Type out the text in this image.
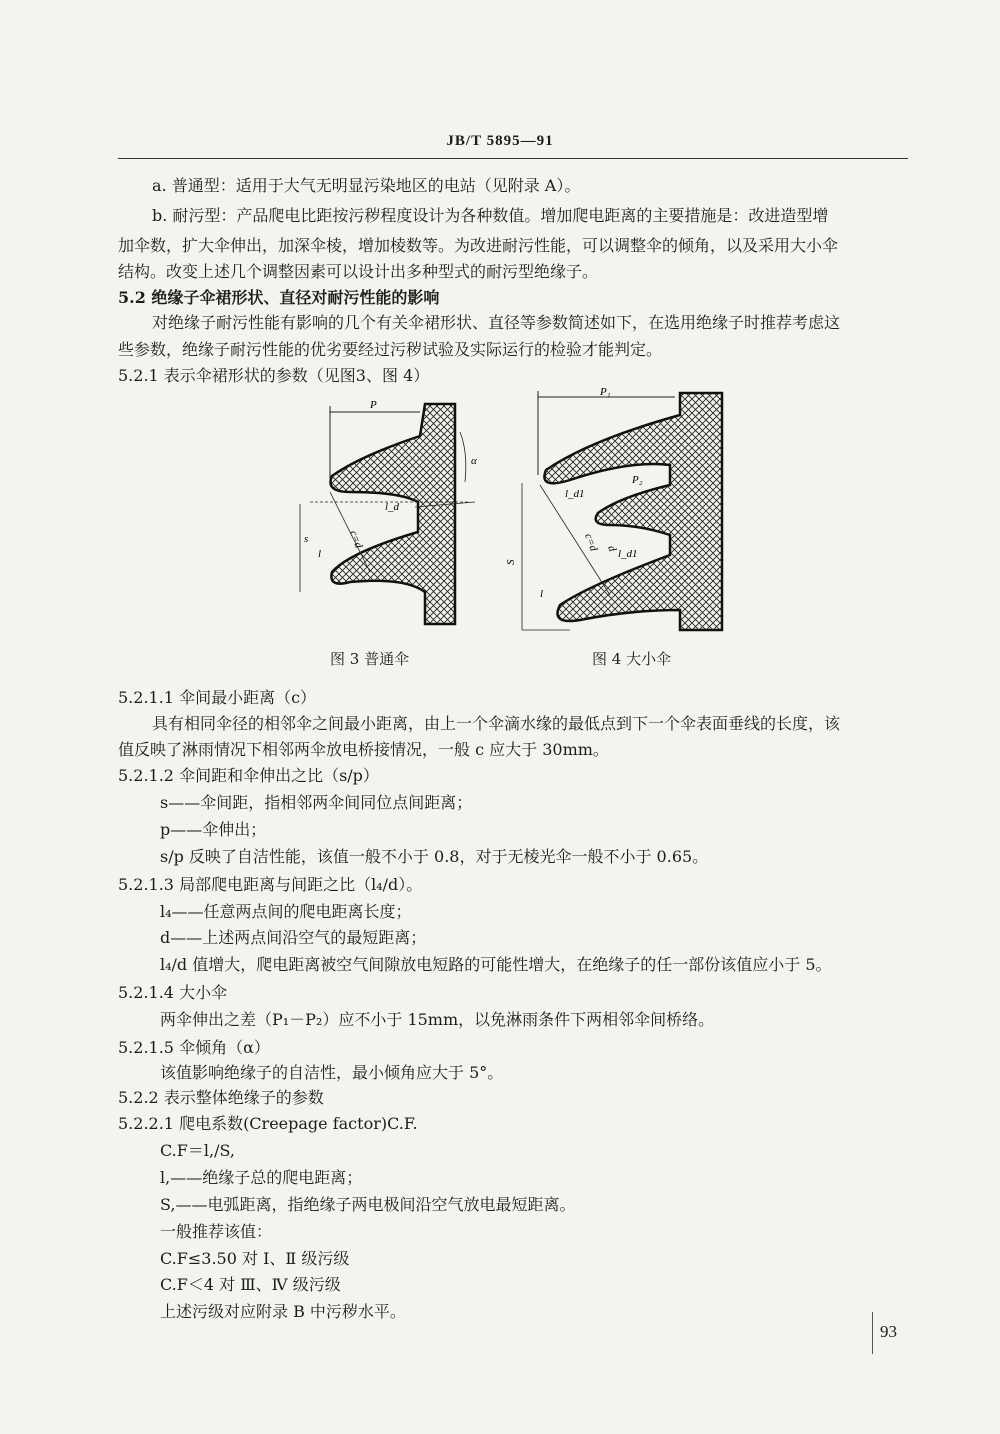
JB/T 5895—91
a. 普通型：适用于大气无明显污染地区的电站（见附录 A）。
b. 耐污型：产品爬电比距按污秽程度设计为各种数值。增加爬电距离的主要措施是：改进造型增
加伞数，扩大伞伸出，加深伞棱，增加棱数等。为改进耐污性能，可以调整伞的倾角，以及采用大小伞
结构。改变上述几个调整因素可以设计出多种型式的耐污型绝缘子。
5.2 绝缘子伞裙形状、直径对耐污性能的影响
对绝缘子耐污性能有影响的几个有关伞裙形状、直径等参数简述如下，在选用绝缘子时推荐考虑这
些参数，绝缘子耐污性能的优劣要经过污秽试验及实际运行的检验才能判定。
5.2.1 表示伞裙形状的参数（见图3、图 4）
P
α
c=d
l_d
s
l
图 3 普通伞
P₁
P₂
l_d1
c=d
l_d1
d
S
l
图 4 大小伞
5.2.1.1 伞间最小距离（c）
具有相同伞径的相邻伞之间最小距离，由上一个伞滴水缘的最低点到下一个伞表面垂线的长度，该
值反映了淋雨情况下相邻两伞放电桥接情况，一般 c 应大于 30mm。
5.2.1.2 伞间距和伞伸出之比（s/p）
s——伞间距，指相邻两伞间同位点间距离；
p——伞伸出；
s/p 反映了自洁性能，该值一般不小于 0.8，对于无棱光伞一般不小于 0.65。
5.2.1.3 局部爬电距离与间距之比（l₄/d）。
l₄——任意两点间的爬电距离长度；
d——上述两点间沿空气的最短距离；
l₄/d 值增大，爬电距离被空气间隙放电短路的可能性增大，在绝缘子的任一部份该值应小于 5。
5.2.1.4 大小伞
两伞伸出之差（P₁－P₂）应不小于 15mm，以免淋雨条件下两相邻伞间桥络。
5.2.1.5 伞倾角（α）
该值影响绝缘子的自洁性，最小倾角应大于 5°。
5.2.2 表示整体绝缘子的参数
5.2.2.1 爬电系数(Creepage factor)C.F.
C.F＝l,/S,
l,——绝缘子总的爬电距离；
S,——电弧距离，指绝缘子两电极间沿空气放电最短距离。
一般推荐该值：
C.F≤3.50 对 Ⅰ、Ⅱ 级污级
C.F＜4 对 Ⅲ、Ⅳ 级污级
上述污级对应附录 B 中污秽水平。
93
